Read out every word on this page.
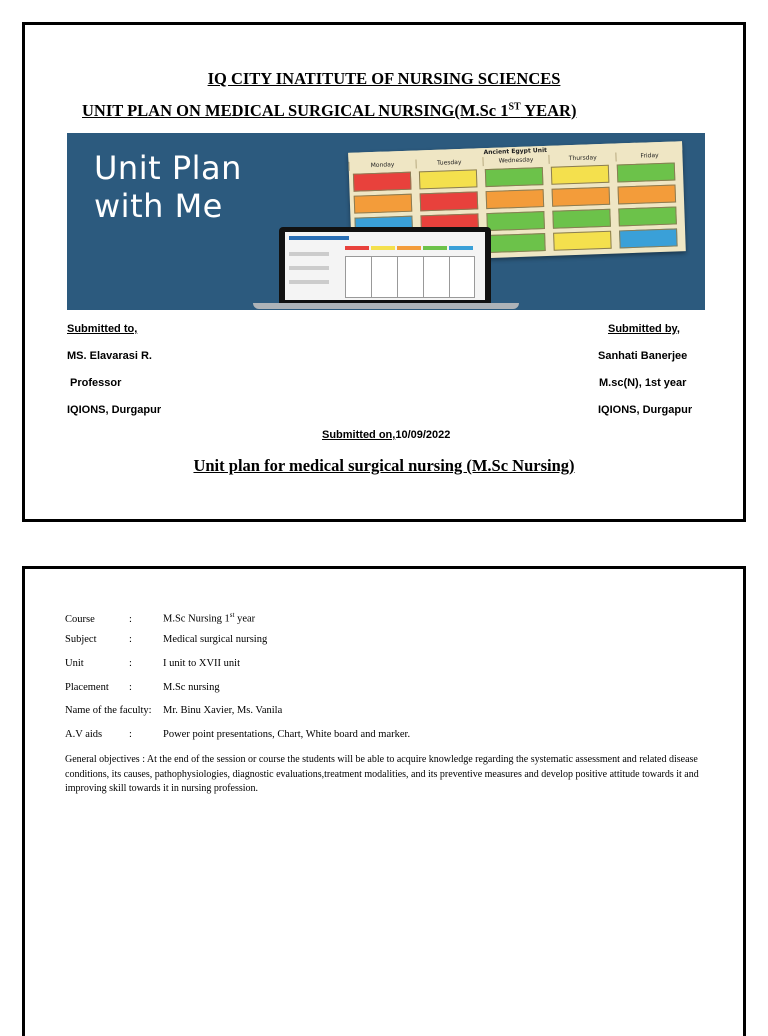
IQ CITY INATITUTE OF NURSING SCIENCES
UNIT PLAN ON MEDICAL SURGICAL NURSING(M.Sc 1ST YEAR)
Unit Plan
with Me
Ancient Egypt Unit
Monday	Tuesday	Wednesday	Thursday	Friday
Submitted to,
MS. Elavarasi R.
Professor
IQIONS, Durgapur
Submitted by,
Sanhati Banerjee
M.sc(N), 1st year
IQIONS, Durgapur
Submitted on,10/09/2022
Unit plan for medical surgical nursing (M.Sc Nursing)
Course	:	M.Sc Nursing 1st year
Subject	:	Medical surgical nursing
Unit	:	I unit to XVII unit
Placement :	M.Sc nursing
Name of the faculty: Mr. Binu Xavier, Ms. Vanila
A.V aids	:	Power point presentations, Chart, White board and marker.
General objectives : At the end of the session or course the students will be able to acquire knowledge regarding the systematic assessment and related disease conditions, its causes, pathophysiologies, diagnostic evaluations,treatment modalities, and its preventive measures and develop positive attitude towards it and improving skill towards it in nursing profession.
